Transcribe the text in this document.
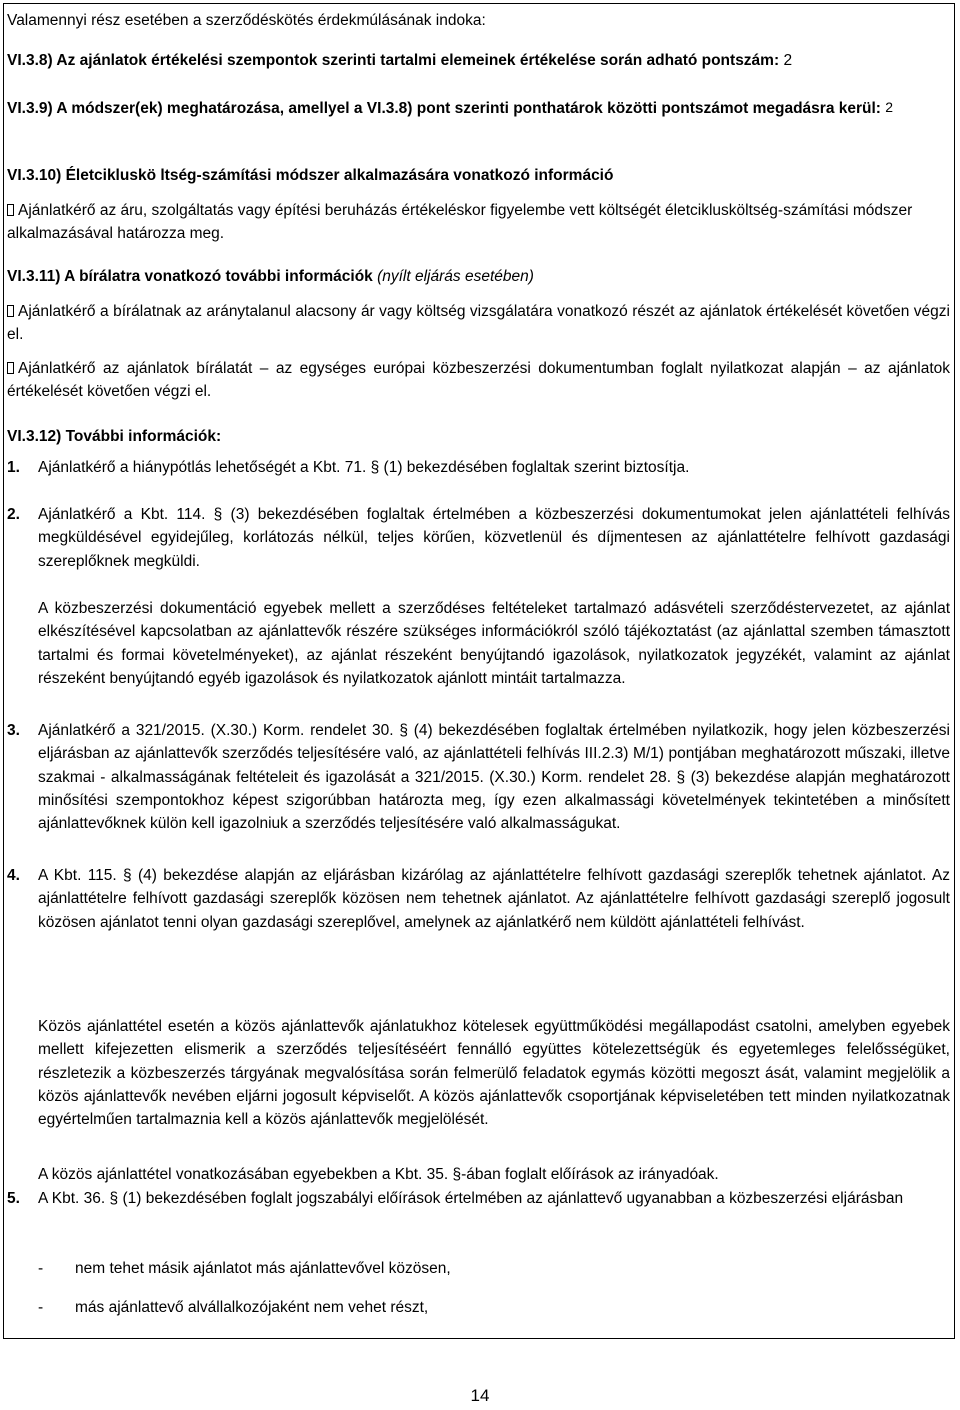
Valamennyi rész esetében a szerződéskötés érdekmúlásának indoka:

VI.3.8) Az ajánlatok értékelési szempontok szerinti tartalmi elemeinek értékelése során adható pontszám: 2

VI.3.9) A módszer(ek) meghatározása, amellyel a VI.3.8) pont szerinti ponthatárok közötti pontszámot megadásra kerül: 2

VI.3.10) Életcikluskö ltség-számítási módszer alkalmazására vonatkozó információ

Ajánlatkérő az áru, szolgáltatás vagy építési beruházás értékeléskor figyelembe vett költségét életciklusköltség-számítási módszer alkalmazásával határozza meg.

VI.3.11) A bírálatra vonatkozó további információk (nyílt eljárás esetében)

Ajánlatkérő a bírálatnak az aránytalanul alacsony ár vagy költség vizsgálatára vonatkozó részét az ajánlatok értékelését követően végzi el.

Ajánlatkérő az ajánlatok bírálatát – az egységes európai közbeszerzési dokumentumban foglalt nyilatkozat alapján – az ajánlatok értékelését követően végzi el.

VI.3.12) További információk:

1. Ajánlatkérő a hiánypótlás lehetőségét a Kbt. 71. § (1) bekezdésében foglaltak szerint biztosítja.

2. Ajánlatkérő a Kbt. 114. § (3) bekezdésében foglaltak értelmében a közbeszerzési dokumentumokat jelen ajánlattételi felhívás megküldésével egyidejűleg, korlátozás nélkül, teljes körűen, közvetlenül és díjmentesen az ajánlattételre felhívott gazdasági szereplőknek megküldi.

A közbeszerzési dokumentáció egyebek mellett a szerződéses feltételeket tartalmazó adásvételi szerződéstervezetet, az ajánlat elkészítésével kapcsolatban az ajánlattevők részére szükséges információkról szóló tájékoztatást (az ajánlattal szemben támasztott tartalmi és formai követelményeket), az ajánlat részeként benyújtandó igazolások, nyilatkozatok jegyzékét, valamint az ajánlat részeként benyújtandó egyéb igazolások és nyilatkozatok ajánlott mintáit tartalmazza.

3. Ajánlatkérő a 321/2015. (X.30.) Korm. rendelet 30. § (4) bekezdésében foglaltak értelmében nyilatkozik, hogy jelen közbeszerzési eljárásban az ajánlattevők szerződés teljesítésére való, az ajánlattételi felhívás III.2.3) M/1) pontjában meghatározott műszaki, illetve szakmai - alkalmasságának feltételeit és igazolását a 321/2015. (X.30.) Korm. rendelet 28. § (3) bekezdése alapján meghatározott minősítési szempontokhoz képest szigorúbban határozta meg, így ezen alkalmassági követelmények tekintetében a minősített ajánlattevőknek külön kell igazolniuk a szerződés teljesítésére való alkalmasságukat.

4. A Kbt. 115. § (4) bekezdése alapján az eljárásban kizárólag az ajánlattételre felhívott gazdasági szereplők tehetnek ajánlatot. Az ajánlattételre felhívott gazdasági szereplők közösen nem tehetnek ajánlatot. Az ajánlattételre felhívott gazdasági szereplő jogosult közösen ajánlatot tenni olyan gazdasági szereplővel, amelynek az ajánlatkérő nem küldött ajánlattételi felhívást.

Közös ajánlattétel esetén a közös ajánlattevők ajánlatukhoz kötelesek együttműködési megállapodást csatolni, amelyben egyebek mellett kifejezetten elismerik a szerződés teljesítéséért fennálló együttes kötelezettségük és egyetemleges felelősségüket, részletezik a közbeszerzés tárgyának megvalósítása során felmerülő feladatok egymás közötti megoszt ását, valamint megjelölik a közös ajánlattevők nevében eljárni jogosult képviselőt. A közös ajánlattevők csoportjának képviseletében tett minden nyilatkozatnak egyértelműen tartalmaznia kell a közös ajánlattevők megjelölését.

A közös ajánlattétel vonatkozásában egyebekben a Kbt. 35. §-ában foglalt előírások az irányadóak.

5. A Kbt. 36. § (1) bekezdésében foglalt jogszabályi előírások értelmében az ajánlattevő ugyanabban a közbeszerzési eljárásban

- nem tehet másik ajánlatot más ajánlattevővel közösen,
- más ajánlattevő alvállalkozójaként nem vehet részt,
14
